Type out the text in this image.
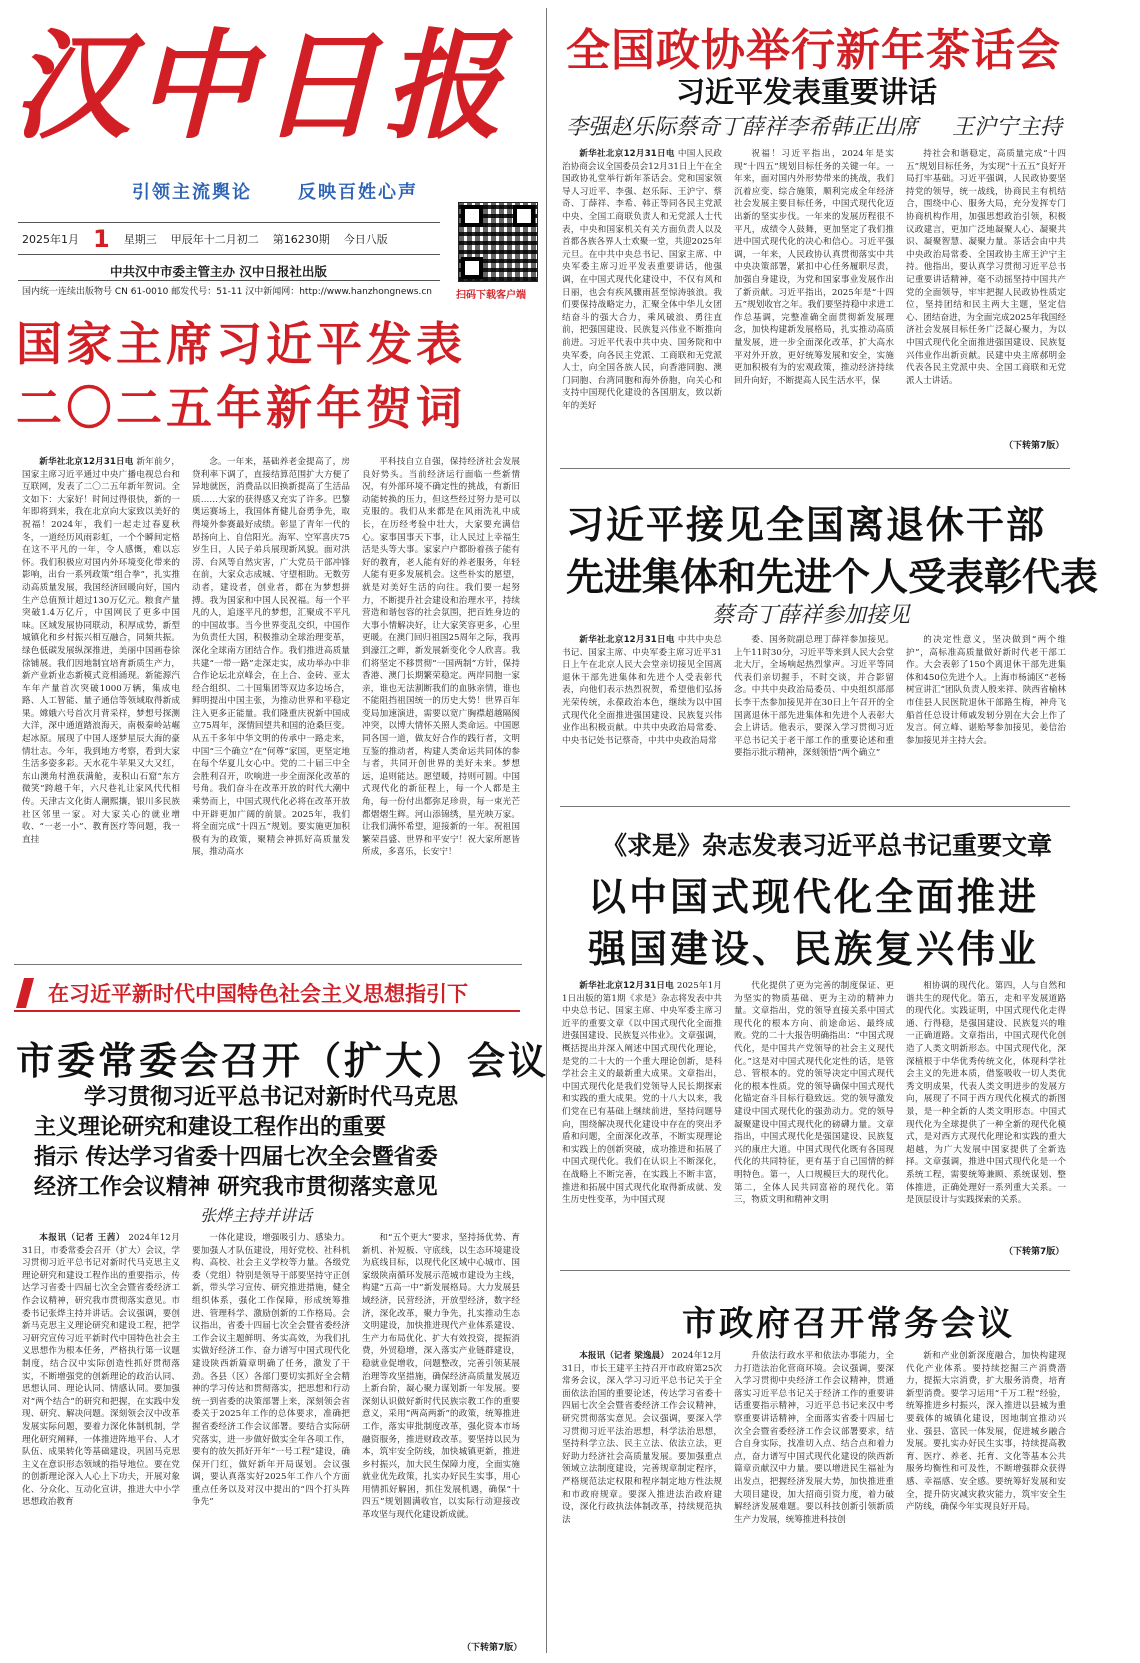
汉中日报
引领主流舆论	反映百姓心声
2025年1月 1 星期三 甲辰年十二月初二 第16230期 今日八版
中共汉中市委主管主办 汉中日报社出版
国内统一连续出版物号 CN 61-0010 邮发代号：51-11 汉中新闻网：http://www.hanzhongnews.cn	扫码下载客户端
全国政协举行新年茶话会
习近平发表重要讲话
李强赵乐际蔡奇丁薛祥李希韩正出席 王沪宁主持

新华社北京12月31日电 中国人民政治协商会议全国委员会12月31日上午在全国政协礼堂举行新年茶话会。党和国家领导人习近平、李强、赵乐际、王沪宁、蔡奇、丁薛祥、李希、韩正等同各民主党派中央、全国工商联负责人和无党派人士代表，中央和国家机关有关方面负责人以及首都各族各界人士欢聚一堂，共迎2025年元旦。在中共中央总书记、国家主席、中央军委主席习近平发表重要讲话，他强调，在中国式现代化建设中，不仅有风和日丽，也会有疾风骤雨甚至惊涛骇浪。我们要保持战略定力，汇聚全体中华儿女团结奋斗的强大合力，乘风破浪、勇往直前，把强国建设、民族复兴伟业不断推向前进。习近平代表中共中央、国务院和中央军委，向各民主党派、工商联和无党派人士，向全国各族人民，向香港同胞、澳门同胞、台湾同胞和海外侨胞，向关心和支持中国现代化建设的各国朋友，致以新年的美好

祝福！习近平指出，2024年是实现“十四五”规划目标任务的关键一年。一年来，面对国内外形势带来的挑战，我们沉着应变、综合施策，顺利完成全年经济社会发展主要目标任务，中国式现代化迈出新的坚实步伐。一年来的发展历程很不平凡，成绩令人鼓舞，更加坚定了我们推进中国式现代化的决心和信心。习近平强调，一年来，人民政协认真贯彻落实中共中央决策部署，紧扣中心任务履职尽责，加强自身建设，为党和国家事业发展作出了新贡献。习近平指出，2025年是“十四五”规划收官之年。我们要坚持稳中求进工作总基调，完整准确全面贯彻新发展理念，加快构建新发展格局，扎实推动高质量发展，进一步全面深化改革，扩大高水平对外开放，更好统筹发展和安全，实施更加积极有为的宏观政策，推动经济持续回升向好，不断提高人民生活水平，保

持社会和谐稳定，高质量完成“十四五”规划目标任务，为实现“十五五”良好开局打牢基础。习近平强调，人民政协要坚持党的领导，统一战线，协商民主有机结合，围绕中心、服务大局，充分发挥专门协商机构作用，加强思想政治引领，积极议政建言，更加广泛地凝聚人心、凝聚共识、凝聚智慧、凝聚力量。茶话会由中共中央政治局常委、全国政协主席王沪宁主持。他指出，要认真学习贯彻习近平总书记重要讲话精神，毫不动摇坚持中国共产党的全面领导，牢牢把握人民政协性质定位，坚持团结和民主两大主题，坚定信心、团结奋进，为全面完成2025年我国经济社会发展目标任务广泛凝心聚力，为以中国式现代化全面推进强国建设、民族复兴伟业作出新贡献。民建中央主席郝明金代表各民主党派中央、全国工商联和无党派人士讲话。

（下转第7版）
国家主席习近平发表
二〇二五年新年贺词

新华社北京12月31日电 新年前夕，国家主席习近平通过中央广播电视总台和互联网，发表了二〇二五年新年贺词。全文如下：大家好！时间过得很快，新的一年即将到来，我在北京向大家致以美好的祝福！2024年，我们一起走过春夏秋冬，一道经历风雨彩虹，一个个瞬间定格在这不平凡的一年，令人感慨，难以忘怀。我们积极应对国内外环境变化带来的影响，出台一系列政策“组合拳”，扎实推动高质量发展，我国经济回暖向好，国内生产总值预计超过130万亿元。粮食产量突破1.4万亿斤，中国网民了更多中国味。区域发展协同联动，积厚成势，新型城镇化和乡村振兴相互融合，同频共振。绿色低碳发展纵深推进，美丽中国画卷徐徐铺展。我们因地制宜培育新质生产力，新产业新业态新模式竞相涌现。新能源汽车年产量首次突破1000万辆，集成电路、人工智能、量子通信等领域取得新成果。嫦娥六号首次月背采样，梦想号探测大洋，深中通道踏浪海天，南极秦岭站崛起冰原。展现了中国人逐梦星辰大海的豪情壮志。今年，我到地方考察，看到大家生活多姿多彩。天水花牛苹果又大又红，东山澳角村渔获满舱，麦积山石窟“东方微笑”跨越千年，六尺巷礼让家风代代相传。天津古文化街人潮熙攘，银川多民族社区邻里一家。对大家关心的就业增收、“一老一小”、教育医疗等问题，我一直挂

念。一年来，基础养老金提高了，房贷利率下调了，直接结算范围扩大方便了异地就医，消费品以旧换新提高了生活品质……大家的获得感又充实了许多。巴黎奥运赛场上，我国体育健儿奋勇争先，取得境外参赛最好成绩。彰显了青年一代的昂扬向上、自信阳光。海军、空军喜庆75岁生日，人民子弟兵展现新风貌。面对洪涝、台风等自然灾害，广大党员干部冲锋在前，大家众志成城、守望相助。无数劳动者，建设者，创业者，都在为梦想拼搏。我为国家和中国人民祝福。每一个平凡的人，追逐平凡的梦想，汇聚成不平凡的中国故事。当今世界变乱交织，中国作为负责任大国，积极推动全球治理变革，深化全球南方团结合作。我们推进高质量共建“一带一路”走深走实，成功举办中非合作论坛北京峰会，在上合、金砖、亚太经合组织、二十国集团等双边多边场合，鲜明提出中国主张，为推动世界和平稳定注入更多正能量。我们隆重庆祝新中国成立75周年，深情回望共和国的沧桑巨变。从五千多年中华文明的传承中一路走来，中国“三个确立”在“何尊”家国，更坚定地在每个华夏儿女心中。党的二十届三中全会胜利召开，吹响进一步全面深化改革的号角。我们奋斗在改革开放的时代大潮中乘势而上，中国式现代化必将在改革开放中开辟更加广阔的前景。2025年，我们将全面完成“十四五”规划。要实施更加积极有为的政策，聚精会神抓好高质量发展，推动高水

平科技自立自强，保持经济社会发展良好势头。当前经济运行面临一些新情况，有外部环境不确定性的挑战，有新旧动能转换的压力，但这些经过努力是可以克服的。我们从来都是在风雨洗礼中成长，在历经考验中壮大，大家要充满信心。家事国事天下事，让人民过上幸福生活是头等大事。家家户户都盼着孩子能有好的教育，老人能有好的养老服务，年轻人能有更多发展机会。这些朴实的愿望，就是对美好生活的向往。我们要一起努力，不断提升社会建设和治理水平，持续营造和谐包容的社会氛围，把百姓身边的大事小情解决好，让大家笑容更多，心里更暖。在澳门回归祖国25周年之际，我再到濠江之畔，新发展新变化令人欣喜。我们将坚定不移贯彻“一国两制”方针，保持香港、澳门长期繁荣稳定。两岸同胞一家亲，谁也无法割断我们的血脉亲情，谁也不能阻挡祖国统一的历史大势！世界百年变局加速演进，需要以宽广胸襟超越隔阂冲突，以博大情怀关照人类命运。中国愿同各国一道，做友好合作的践行者，文明互鉴的推动者，构建人类命运共同体的参与者，共同开创世界的美好未来。梦想远，追则能达。愿望暖，持则可圆。中国式现代化的新征程上，每一个人都是主角，每一份付出都弥足珍贵，每一束光芒都熠熠生辉。河山添锦绣，星光映万家。让我们满怀希望，迎接新的一年。祝祖国繁荣昌盛、世界和平安宁！祝大家所愿皆所成，多喜乐，长安宁！

习近平接见全国离退休干部
先进集体和先进个人受表彰代表
蔡奇丁薛祥参加接见

新华社北京12月31日电 中共中央总书记、国家主席、中央军委主席习近平31日上午在北京人民大会堂亲切接见全国离退休干部先进集体和先进个人受表彰代表，向他们表示热烈祝贺，希望他们弘扬光荣传统，永葆政治本色，继续为以中国式现代化全面推进强国建设、民族复兴伟业作出积极贡献。中共中央政治局常委、中央书记处书记蔡奇，中共中央政治局常

委、国务院副总理丁薛祥参加接见。上午11时30分，习近平等来到人民大会堂北大厅，全场响起热烈掌声。习近平等同代表们亲切握手，不时交谈，并合影留念。中共中央政治局委员、中央组织部部长李干杰参加接见并在30日上午召开的全国离退休干部先进集体和先进个人表彰大会上讲话。他表示，要深入学习贯彻习近平总书记关于老干部工作的重要论述和重要指示批示精神，深刻领悟“两个确立”

的决定性意义，坚决做到“两个维护”，高标准高质量做好新时代老干部工作。大会表彰了150个离退休干部先进集体和450位先进个人。上海市杨浦区“老杨树宣讲汇”团队负责人殷来祥、陕西省榆林市佳县人民医院退休干部路生梅，神舟飞船首任总设计师戚发轫分别在大会上作了发言。何立峰、谌贻琴参加接见，姜信治参加接见并主持大会。

《求是》杂志发表习近平总书记重要文章
以中国式现代化全面推进
强国建设、民族复兴伟业

新华社北京12月31日电 2025年1月1日出版的第1期《求是》杂志将发表中共中央总书记、国家主席、中央军委主席习近平的重要文章《以中国式现代化全面推进强国建设、民族复兴伟业》。文章强调，概括提出并深入阐述中国式现代化理论，是党的二十大的一个重大理论创新，是科学社会主义的最新重大成果。文章指出，中国式现代化是我们党领导人民长期探索和实践的重大成果。党的十八大以来，我们党在已有基础上继续前进，坚持问题导向，围绕解决现代化建设中存在的突出矛盾和问题，全面深化改革，不断实现理论和实践上的创新突破，成功推进和拓展了中国式现代化。我们在认识上不断深化，在战略上不断完善，在实践上不断丰富，推进和拓展中国式现代化取得新成就、发生历史性变革，为中国式现

代化提供了更为完善的制度保证、更为坚实的物质基础、更为主动的精神力量。文章指出，党的领导直接关系中国式现代化的根本方向、前途命运、最终成败。党的二十大报告明确指出：“中国式现代化，是中国共产党领导的社会主义现代化。”这是对中国式现代化定性的话，是管总、管根本的。党的领导决定中国式现代化的根本性质。党的领导确保中国式现代化锚定奋斗目标行稳致远。党的领导激发建设中国式现代化的强劲动力。党的领导凝聚建设中国式现代化的磅礴力量。文章指出，中国式现代化是强国建设、民族复兴的康庄大道。中国式现代化既有各国现代化的共同特征，更有基于自己国情的鲜明特色。第一，人口规模巨大的现代化。第二，全体人民共同富裕的现代化。第三，物质文明和精神文明

相协调的现代化。第四，人与自然和谐共生的现代化。第五，走和平发展道路的现代化。实践证明，中国式现代化走得通、行得稳，是强国建设、民族复兴的唯一正确道路。文章指出，中国式现代化创造了人类文明新形态。中国式现代化，深深植根于中华优秀传统文化，体现科学社会主义的先进本质，借鉴吸收一切人类优秀文明成果，代表人类文明进步的发展方向，展现了不同于西方现代化模式的新图景，是一种全新的人类文明形态。中国式现代化为全球提供了一种全新的现代化模式，是对西方式现代化理论和实践的重大超越，为广大发展中国家提供了全新选择。文章强调，推进中国式现代化是一个系统工程，需要统筹兼顾、系统谋划、整体推进，正确处理好一系列重大关系。一是顶层设计与实践探索的关系。

（下转第7版）
在习近平新时代中国特色社会主义思想指引下
市委常委会召开（扩大）会议
学习贯彻习近平总书记对新时代马克思
主义理论研究和建设工程作出的重要
指示 传达学习省委十四届七次全会暨省委
经济工作会议精神 研究我市贯彻落实意见
张烨主持并讲话

本报讯（记者 王茜） 2024年12月31日，市委常委会召开（扩大）会议，学习贯彻习近平总书记对新时代马克思主义理论研究和建设工程作出的重要指示，传达学习省委十四届七次全会暨省委经济工作会议精神，研究我市贯彻落实意见。市委书记张烨主持并讲话。会议强调，要创新马克思主义理论研究和建设工程，把学习研究宣传习近平新时代中国特色社会主义思想作为根本任务，严格执行第一议题制度，结合汉中实际创造性抓好贯彻落实，不断增强党的创新理论的政治认同、思想认同、理论认同、情感认同。要加强对“两个结合”的研究和把握，在实践中发现、研究、解决问题。深刻领会汉中改革发展实际问题，要着力深化体制机制，学理化研究阐释，一体推进阵地平台、人才队伍、成果转化等基础建设，巩固马克思主义在意识形态领域的指导地位。要在党的创新理论深入人心上下功夫，开展对象化、分众化、互动化宣讲，推进大中小学思想政治教育

一体化建设，增强吸引力、感染力。要加强人才队伍建设，用好党校、社科机构、高校、社会主义学校等力量。各级党委（党组）特别是领导干部要坚持守正创新，带头学习宣传、研究推进措施，健全组织体系，强化工作保障，形成统筹推进、管理科学、激励创新的工作格局。会议指出，省委十四届七次全会暨省委经济工作会议主题鲜明、务实高效，为我们扎实做好经济工作、奋力谱写中国式现代化建设陕西新篇章明确了任务，激发了干劲。各县（区）各部门要切实抓好全会精神的学习传达和贯彻落实，把思想和行动统一到省委的决策部署上来，深刻领会省委关于2025年工作的总体要求，准确把握省委经济工作会议部署。要结合实际研究落实，进一步做好做实全年各项工作，要有的放矢抓好开年“一号工程”建设，确保开门红，做好新年开局谋划。会议强调，要认真落实好2025年工作八个方面重点任务以及对汉中提出的“四个打头阵争先”

和“五个更大”要求，坚持扬优势、育新机、补短板、守底线，以生态环境建设为底线目标，以现代化区域中心城市、国家级陕南循环发展示范城市建设为主线，构建“五高一中”新发展格局。大力发展县域经济，民营经济，开放型经济，数字经济，深化改革，聚力争先，扎实推动生态文明建设，加快推进现代产业体系建设、生产力布局优化、扩大有效投资，提振消费，外贸稳增，深入落实产业链群建设，稳就业促增收，问题整改，完善引领某展治理等攻坚措施，确保经济高质量发展迈上新台阶，凝心聚力谋划新一年发展。要深刻认识做好新时代民族宗教工作的重要意义，采用“两高两新”的政策，统筹推进工作，落实审批制度改革，强化资本市场融资服务，推进财政改革。要坚持以民为本，筑牢安全防线，加快城镇更新，推进乡村振兴，加大民生保障力度，全面实施就业优先政策，扎实办好民生实事，用心用情抓好解困，抓住发展机遇，确保“十四五”规划圆满收官，以实际行动迎接改革攻坚与现代化建设新成就。

（下转第7版）
市政府召开常务会议

本报讯（记者 梁逸晨） 2024年12月31日，市长王建平主持召开市政府第25次常务会议，深入学习习近平总书记关于全面依法治国的重要论述，传达学习省委十四届七次全会暨省委经济工作会议精神，研究贯彻落实意见。会议强调，要深入学习贯彻习近平法治思想，科学法治思想，坚持科学立法、民主立法、依法立法，更好助力经济社会高质量发展。要加强重点领域立法制度建设，完善规章制定程序，严格规范法定权限和程序制定地方性法规和市政府规章。要深入推进法治政府建设，深化行政执法体制改革，持续规范执法

升依法行政水平和依法办事能力，全力打造法治化营商环境。会议强调，要深入学习贯彻中央经济工作会议精神，贯通落实习近平总书记关于经济工作的重要讲话重要指示精神，习近平总书记来汉中考察重要讲话精神，全面落实省委十四届七次全会暨省委经济工作会议部署要求，结合自身实际，找准切入点、结合点和着力点，奋力谱写中国式现代化建设的陕西新篇章贡献汉中力量。要以增进民生福祉为出发点，把握经济发展大势，加快推进重大项目建设，加大招商引资力度，着力破解经济发展难题。要以科技创新引领新质生产力发展，统筹推进科技创

新和产业创新深度融合，加快构建现代化产业体系。要持续挖掘三产消费潜力，提振大宗消费，扩大服务消费，培育新型消费。要学习运用“千万工程”经验，统筹推进乡村振兴，深入推进以县城为重要载体的城镇化建设，因地制宜推动兴业、强县、富民一体发展，促进城乡融合发展。要扎实办好民生实事，持续提高教育、医疗、养老、托育、文化等基本公共服务均衡性和可及性，不断增强群众获得感、幸福感、安全感。要统筹好发展和安全，提升防灾减灾救灾能力，筑牢安全生产防线，确保今年实现良好开局。
